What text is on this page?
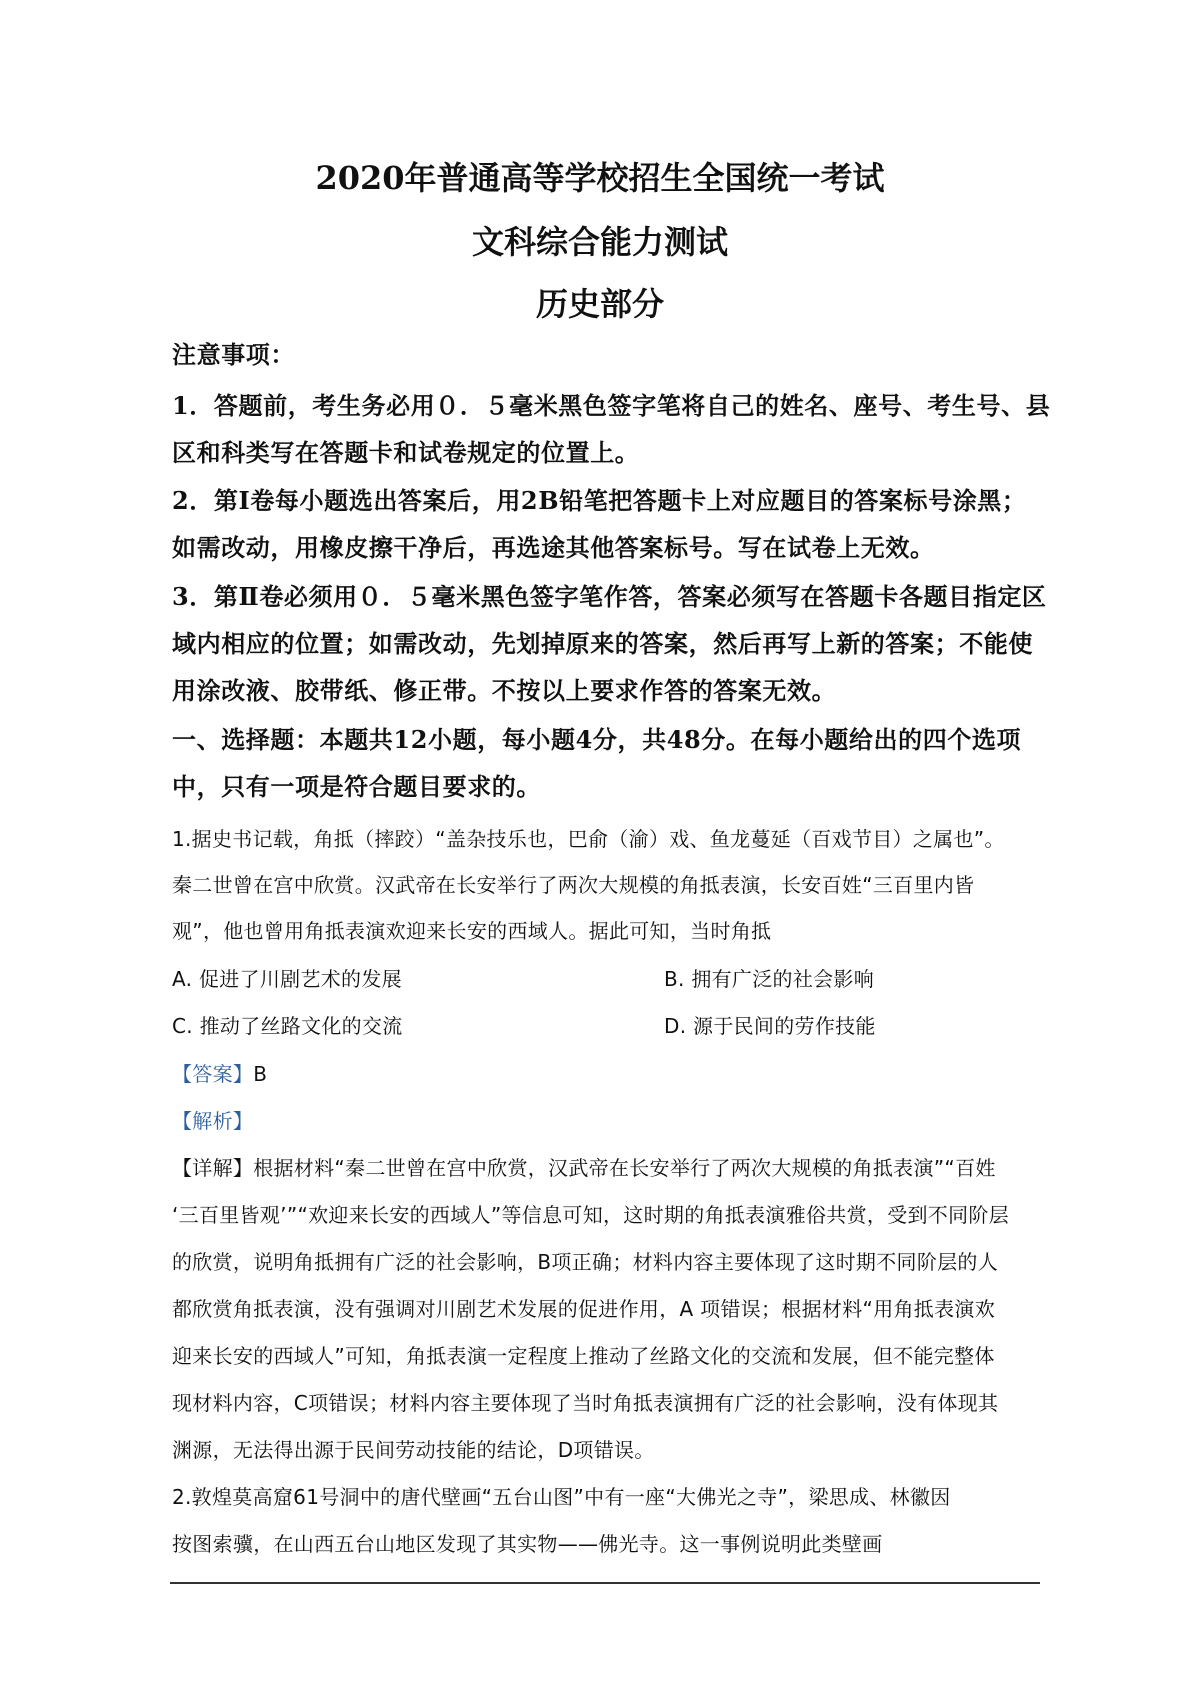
2020年普通高等学校招生全国统一考试
文科综合能力测试
历史部分
注意事项：
1．答题前，考生务必用０．５毫米黑色签字笔将自己的姓名、座号、考生号、县
区和科类写在答题卡和试卷规定的位置上。
2．第Ⅰ卷每小题选出答案后，用2B铅笔把答题卡上对应题目的答案标号涂黑；
如需改动，用橡皮擦干净后，再选途其他答案标号。写在试卷上无效。
3．第Ⅱ卷必须用０．５毫米黑色签字笔作答，答案必须写在答题卡各题目指定区
域内相应的位置；如需改动，先划掉原来的答案，然后再写上新的答案；不能使
用涂改液、胶带纸、修正带。不按以上要求作答的答案无效。
一、选择题：本题共12小题，每小题4分，共48分。在每小题给出的四个选项
中，只有一项是符合题目要求的。
1.据史书记载，角抵（摔跤）“盖杂技乐也，巴俞（渝）戏、鱼龙蔓延（百戏节目）之属也”。
秦二世曾在宫中欣赏。汉武帝在长安举行了两次大规模的角抵表演，长安百姓“三百里内皆
观”，他也曾用角抵表演欢迎来长安的西域人。据此可知，当时角抵
A. 促进了川剧艺术的发展	B. 拥有广泛的社会影响
C. 推动了丝路文化的交流	D. 源于民间的劳作技能
【答案】B
【解析】
【详解】根据材料“秦二世曾在宫中欣赏，汉武帝在长安举行了两次大规模的角抵表演”“百姓
‘三百里皆观’”“欢迎来长安的西域人”等信息可知，这时期的角抵表演雅俗共赏，受到不同阶层
的欣赏，说明角抵拥有广泛的社会影响，B项正确；材料内容主要体现了这时期不同阶层的人
都欣赏角抵表演，没有强调对川剧艺术发展的促进作用，A 项错误；根据材料“用角抵表演欢
迎来长安的西域人”可知，角抵表演一定程度上推动了丝路文化的交流和发展，但不能完整体
现材料内容，C项错误；材料内容主要体现了当时角抵表演拥有广泛的社会影响，没有体现其
渊源，无法得出源于民间劳动技能的结论，D项错误。
2.敦煌莫高窟61号洞中的唐代壁画“五台山图”中有一座“大佛光之寺”，梁思成、林徽因
按图索骥，在山西五台山地区发现了其实物——佛光寺。这一事例说明此类壁画
